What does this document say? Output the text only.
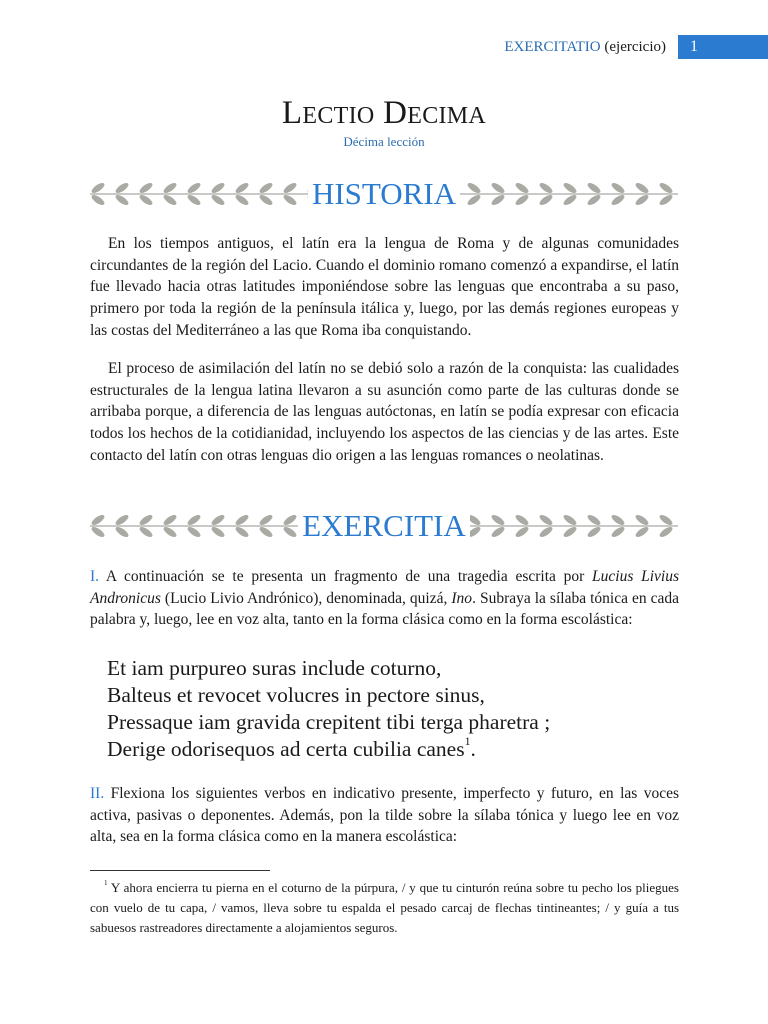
EXERCITATIO (ejercicio)	1
LECTIO DECIMA
Décima lección
HISTORIA

En los tiempos antiguos, el latín era la lengua de Roma y de algunas comunidades circundantes de la región del Lacio. Cuando el dominio romano comenzó a expandirse, el latín fue llevado hacia otras latitudes imponiéndose sobre las lenguas que encontraba a su paso, primero por toda la región de la península itálica y, luego, por las demás regiones europeas y las costas del Mediterráneo a las que Roma iba conquistando.

El proceso de asimilación del latín no se debió solo a razón de la conquista: las cualidades estructurales de la lengua latina llevaron a su asunción como parte de las culturas donde se arribaba porque, a diferencia de las lenguas autóctonas, en latín se podía expresar con eficacia todos los hechos de la cotidianidad, incluyendo los aspectos de las ciencias y de las artes. Este contacto del latín con otras lenguas dio origen a las lenguas romances o neolatinas.

EXERCITIA

I. A continuación se te presenta un fragmento de una tragedia escrita por Lucius Livius Andronicus (Lucio Livio Andrónico), denominada, quizá, Ino. Subraya la sílaba tónica en cada palabra y, luego, lee en voz alta, tanto en la forma clásica como en la forma escolástica:

Et iam purpureo suras include coturno,
Balteus et revocet volucres in pectore sinus,
Pressaque iam gravida crepitent tibi terga pharetra ;
Derige odorisequos ad certa cubilia canes$^1$.

II. Flexiona los siguientes verbos en indicativo presente, imperfecto y futuro, en las voces activa, pasivas o deponentes. Además, pon la tilde sobre la sílaba tónica y luego lee en voz alta, sea en la forma clásica como en la manera escolástica:

$^1$ Y ahora encierra tu pierna en el coturno de la púrpura, / y que tu cinturón reúna sobre tu pecho los pliegues con vuelo de tu capa, / vamos, lleva sobre tu espalda el pesado carcaj de flechas tintineantes; / y guía a tus sabuesos rastreadores directamente a alojamientos seguros.
